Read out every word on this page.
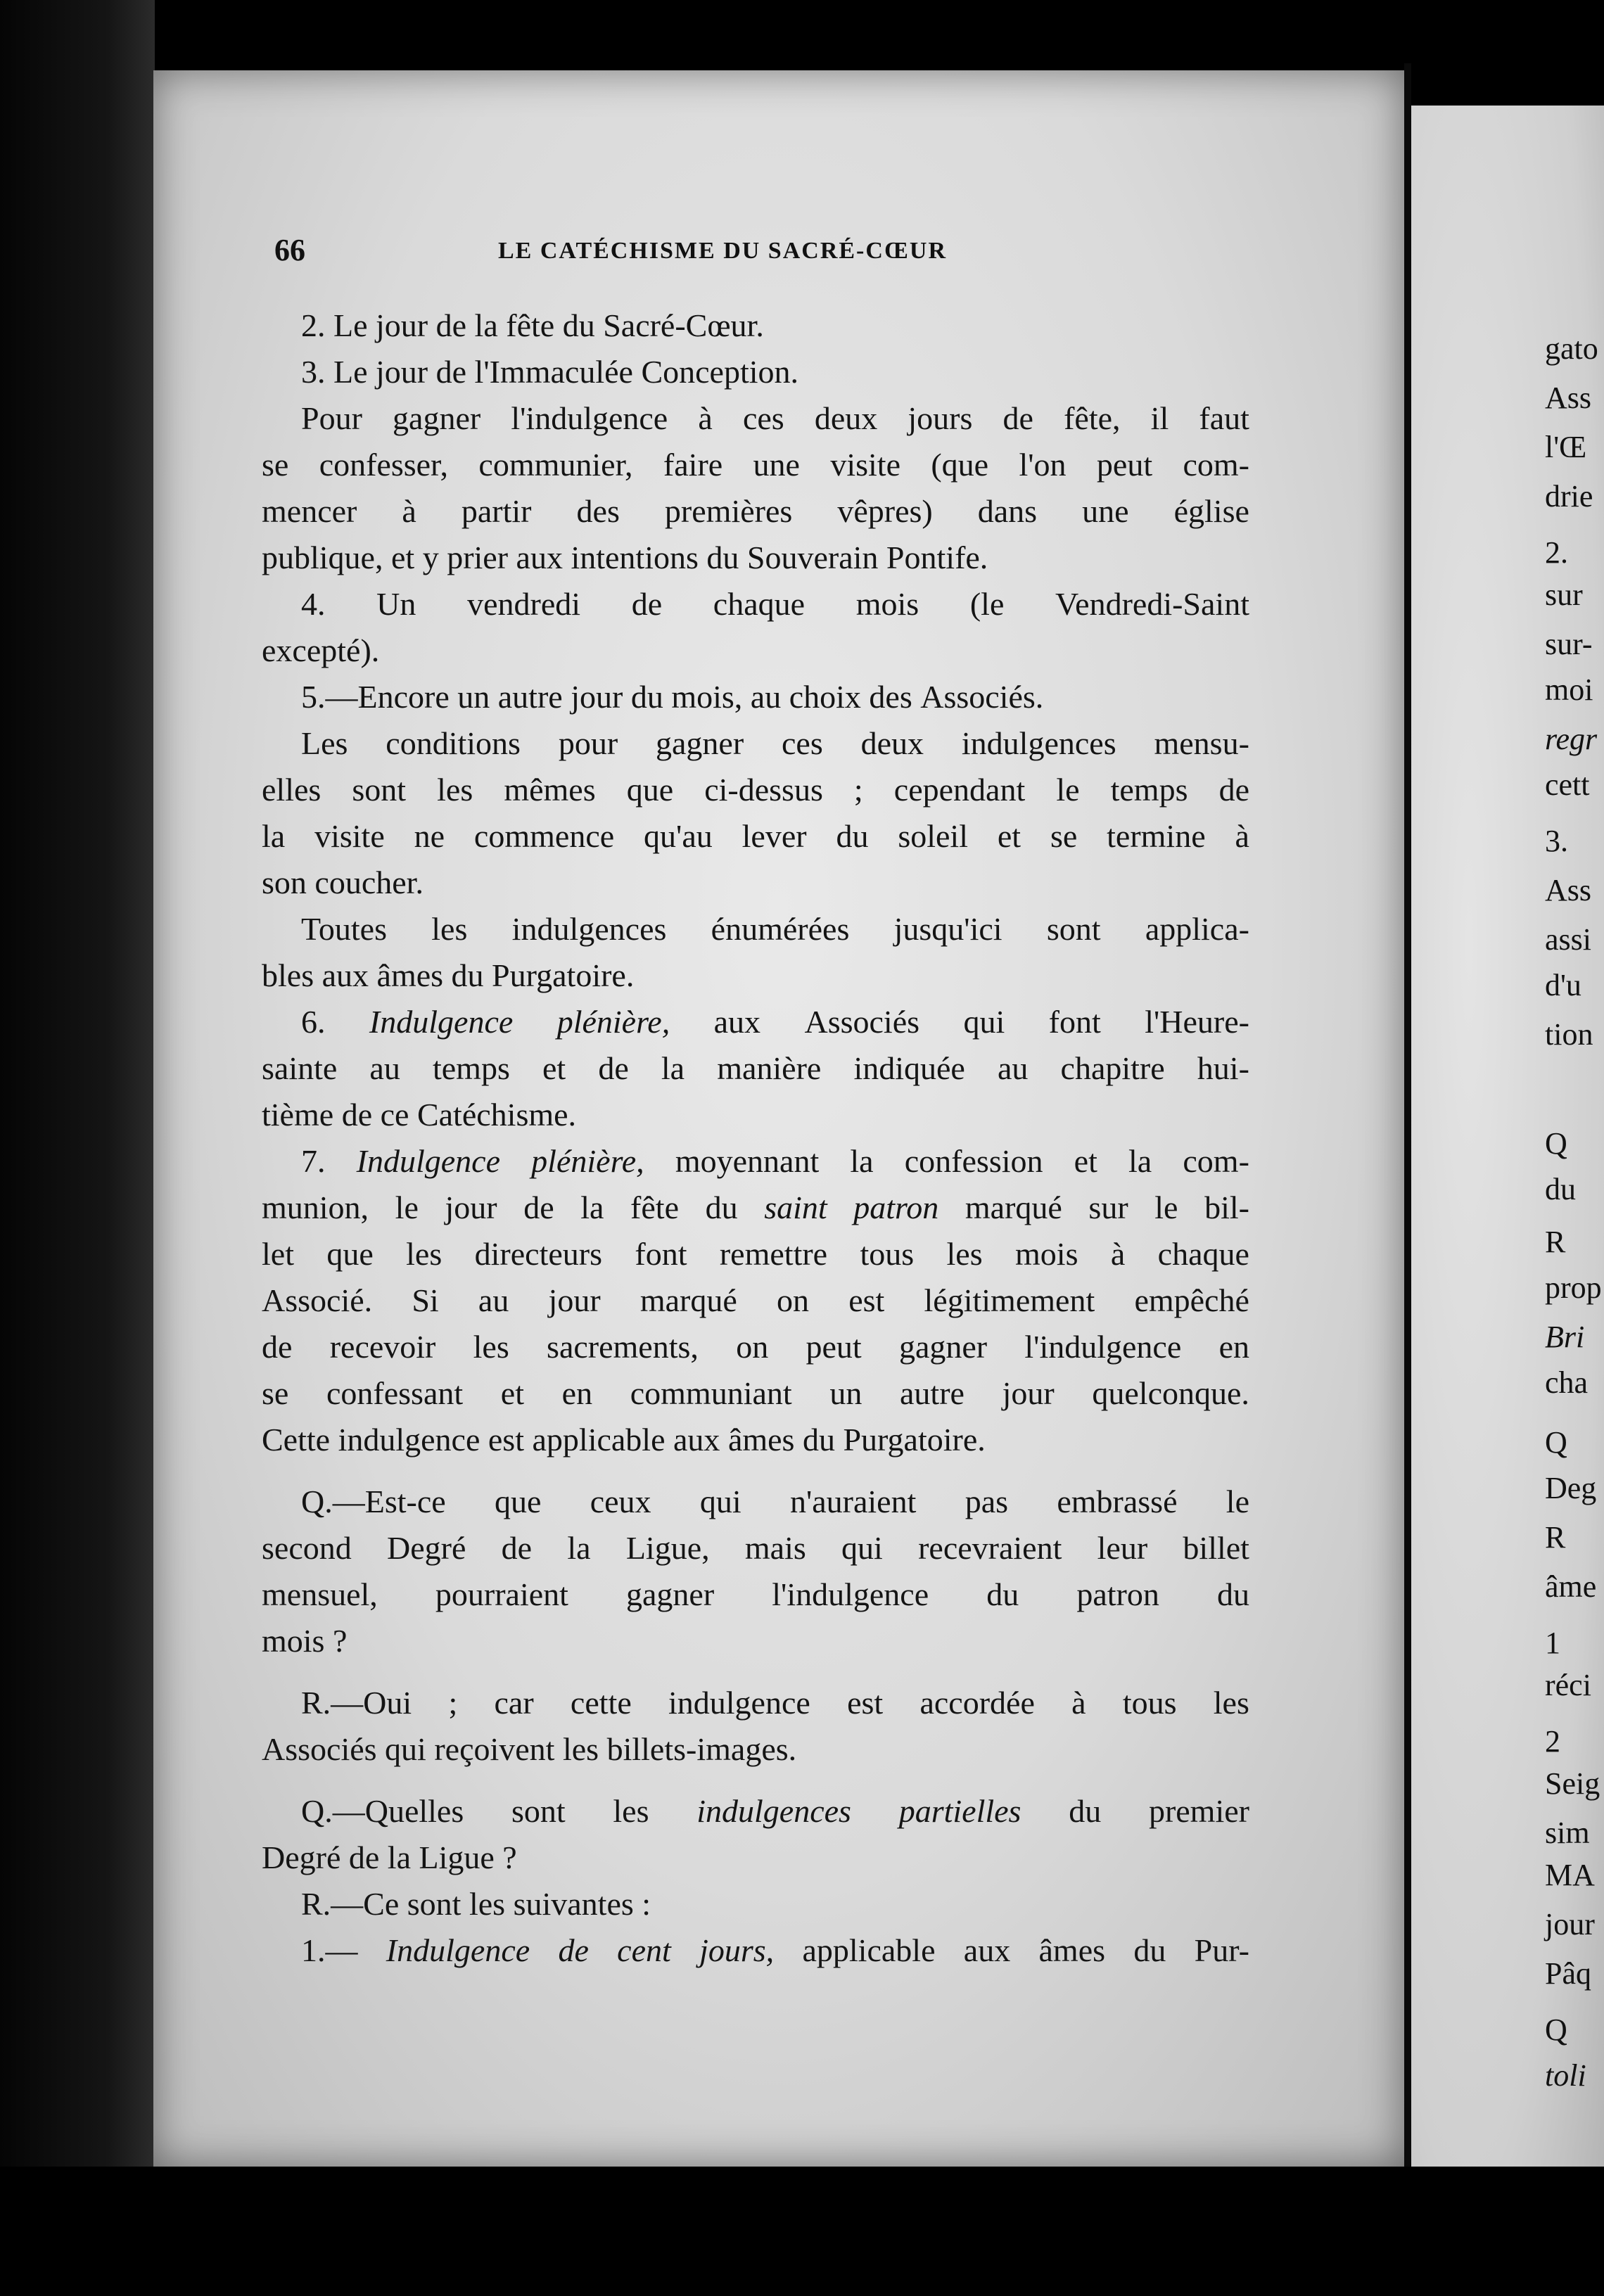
gato
Ass
l'Œ
drie
2.
sur
sur-
moi
regr
cett
3.
Ass
assi
d'u
tion
Q
du
R
prop
Bri
cha
Q
Deg
R
âme
1
réci
2
Seig
sim
MA
jour
Pâq
Q
toli
66	LE CATÉCHISME DU SACRÉ-CŒUR
2. Le jour de la fête du Sacré-Cœur.
3. Le jour de l'Immaculée Conception.
Pour gagner l'indulgence à ces deux jours de fête, il faut
se confesser, communier, faire une visite (que l'on peut com-
mencer à partir des premières vêpres) dans une église
publique, et y prier aux intentions du Souverain Pontife.
4. Un vendredi de chaque mois (le Vendredi-Saint
excepté).
5.—Encore un autre jour du mois, au choix des Associés.
Les conditions pour gagner ces deux indulgences mensu-
elles sont les mêmes que ci-dessus ; cependant le temps de
la visite ne commence qu'au lever du soleil et se termine à
son coucher.
Toutes les indulgences énumérées jusqu'ici sont applica-
bles aux âmes du Purgatoire.
6. Indulgence plénière, aux Associés qui font l'Heure-
sainte au temps et de la manière indiquée au chapitre hui-
tième de ce Catéchisme.
7. Indulgence plénière, moyennant la confession et la com-
munion, le jour de la fête du saint patron marqué sur le bil-
let que les directeurs font remettre tous les mois à chaque
Associé. Si au jour marqué on est légitimement empêché
de recevoir les sacrements, on peut gagner l'indulgence en
se confessant et en communiant un autre jour quelconque.
Cette indulgence est applicable aux âmes du Purgatoire.
Q.—Est-ce que ceux qui n'auraient pas embrassé le
second Degré de la Ligue, mais qui recevraient leur billet
mensuel, pourraient gagner l'indulgence du patron du
mois ?
R.—Oui ; car cette indulgence est accordée à tous les
Associés qui reçoivent les billets-images.
Q.—Quelles sont les indulgences partielles du premier
Degré de la Ligue ?
R.—Ce sont les suivantes :
1.— Indulgence de cent jours, applicable aux âmes du Pur-
